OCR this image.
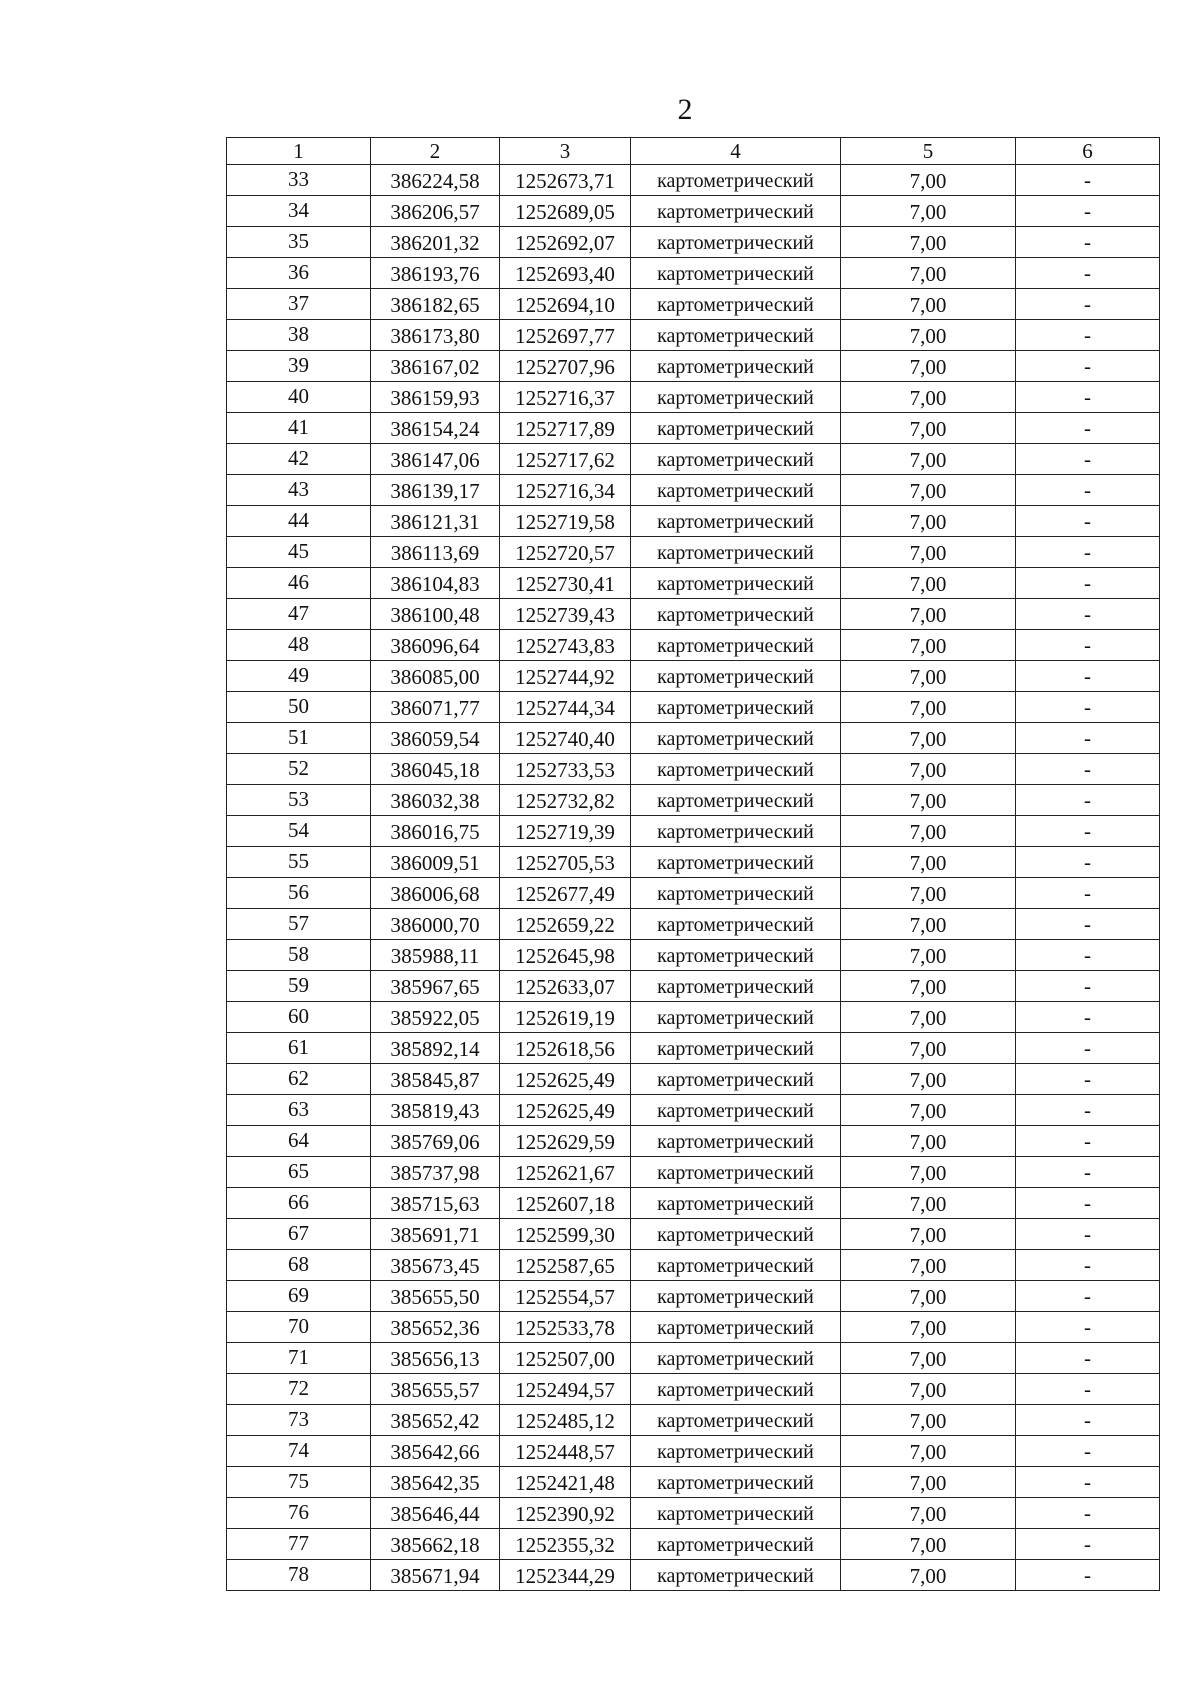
2
1	2	3	4	5	6
33	386224,58	1252673,71	картометрический	7,00	-
34	386206,57	1252689,05	картометрический	7,00	-
35	386201,32	1252692,07	картометрический	7,00	-
36	386193,76	1252693,40	картометрический	7,00	-
37	386182,65	1252694,10	картометрический	7,00	-
38	386173,80	1252697,77	картометрический	7,00	-
39	386167,02	1252707,96	картометрический	7,00	-
40	386159,93	1252716,37	картометрический	7,00	-
41	386154,24	1252717,89	картометрический	7,00	-
42	386147,06	1252717,62	картометрический	7,00	-
43	386139,17	1252716,34	картометрический	7,00	-
44	386121,31	1252719,58	картометрический	7,00	-
45	386113,69	1252720,57	картометрический	7,00	-
46	386104,83	1252730,41	картометрический	7,00	-
47	386100,48	1252739,43	картометрический	7,00	-
48	386096,64	1252743,83	картометрический	7,00	-
49	386085,00	1252744,92	картометрический	7,00	-
50	386071,77	1252744,34	картометрический	7,00	-
51	386059,54	1252740,40	картометрический	7,00	-
52	386045,18	1252733,53	картометрический	7,00	-
53	386032,38	1252732,82	картометрический	7,00	-
54	386016,75	1252719,39	картометрический	7,00	-
55	386009,51	1252705,53	картометрический	7,00	-
56	386006,68	1252677,49	картометрический	7,00	-
57	386000,70	1252659,22	картометрический	7,00	-
58	385988,11	1252645,98	картометрический	7,00	-
59	385967,65	1252633,07	картометрический	7,00	-
60	385922,05	1252619,19	картометрический	7,00	-
61	385892,14	1252618,56	картометрический	7,00	-
62	385845,87	1252625,49	картометрический	7,00	-
63	385819,43	1252625,49	картометрический	7,00	-
64	385769,06	1252629,59	картометрический	7,00	-
65	385737,98	1252621,67	картометрический	7,00	-
66	385715,63	1252607,18	картометрический	7,00	-
67	385691,71	1252599,30	картометрический	7,00	-
68	385673,45	1252587,65	картометрический	7,00	-
69	385655,50	1252554,57	картометрический	7,00	-
70	385652,36	1252533,78	картометрический	7,00	-
71	385656,13	1252507,00	картометрический	7,00	-
72	385655,57	1252494,57	картометрический	7,00	-
73	385652,42	1252485,12	картометрический	7,00	-
74	385642,66	1252448,57	картометрический	7,00	-
75	385642,35	1252421,48	картометрический	7,00	-
76	385646,44	1252390,92	картометрический	7,00	-
77	385662,18	1252355,32	картометрический	7,00	-
78	385671,94	1252344,29	картометрический	7,00	-
